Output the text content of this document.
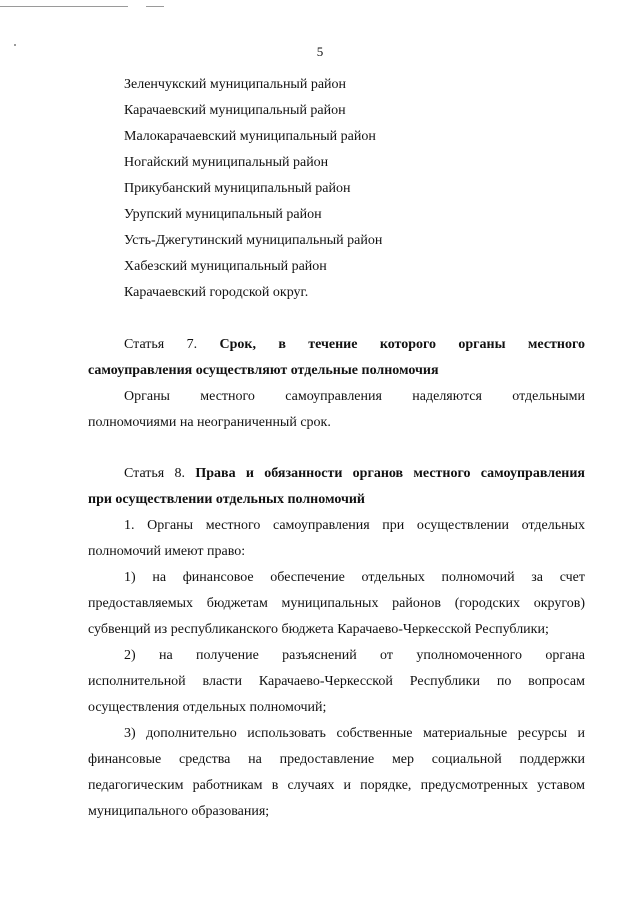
5
Зеленчукский муниципальный район
Карачаевский муниципальный район
Малокарачаевский муниципальный район
Ногайский муниципальный район
Прикубанский муниципальный район
Урупский муниципальный район
Усть-Джегутинский муниципальный район
Хабезский муниципальный район
Карачаевский городской округ.
Статья 7. Срок, в течение которого органы местного
самоуправления осуществляют отдельные полномочия
Органы местного самоуправления наделяются отдельными
полномочиями на неограниченный срок.
Статья 8. Права и обязанности органов местного самоуправления
при осуществлении отдельных полномочий
1. Органы местного самоуправления при осуществлении отдельных
полномочий имеют право:
1) на финансовое обеспечение отдельных полномочий за счет
предоставляемых бюджетам муниципальных районов (городских округов)
субвенций из республиканского бюджета Карачаево-Черкесской Республики;
2) на получение разъяснений от уполномоченного органа
исполнительной власти Карачаево-Черкесской Республики по вопросам
осуществления отдельных полномочий;
3) дополнительно использовать собственные материальные ресурсы и
финансовые средства на предоставление мер социальной поддержки
педагогическим работникам в случаях и порядке, предусмотренных уставом
муниципального образования;
